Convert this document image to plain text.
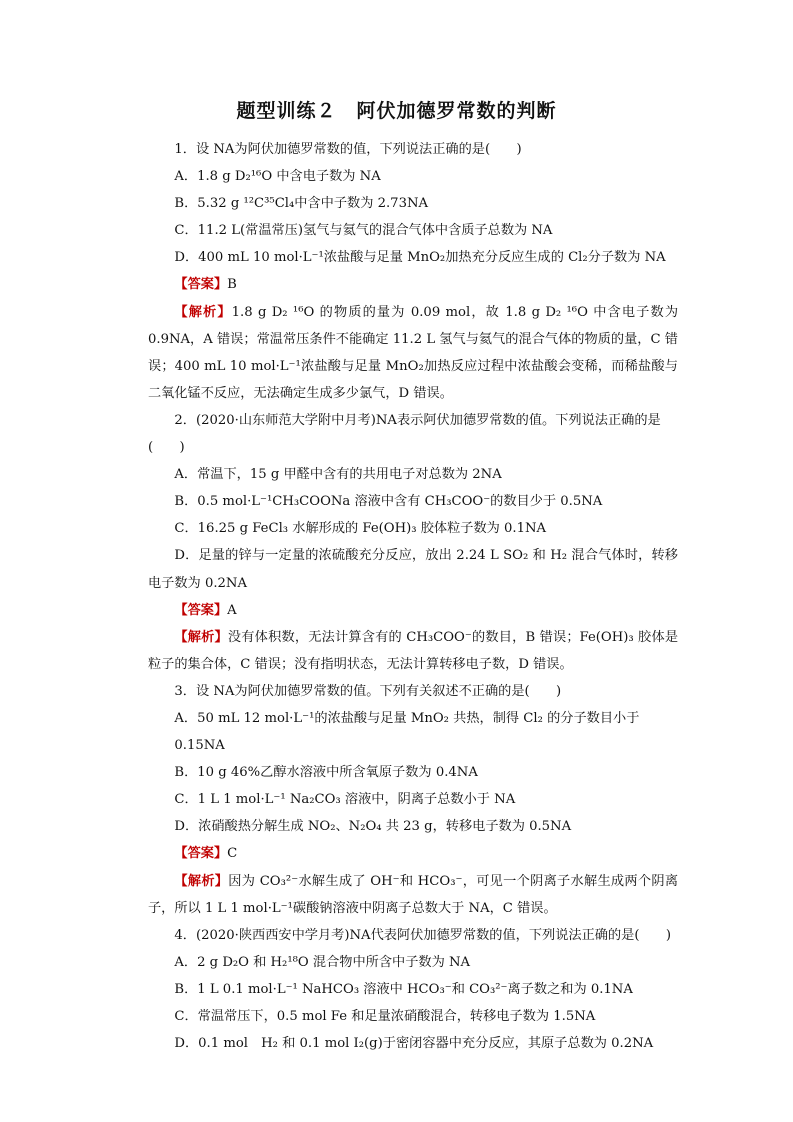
题型训练２　阿伏加德罗常数的判断

1．设 NA为阿伏加德罗常数的值，下列说法正确的是(　　)

A．1.8 g D₂¹⁶O 中含电子数为 NA

B．5.32 g ¹²C³⁵Cl₄中含中子数为 2.73NA

C．11.2 L(常温常压)氢气与氦气的混合气体中含质子总数为 NA

D．400 mL 10 mol·L⁻¹浓盐酸与足量 MnO₂加热充分反应生成的 Cl₂分子数为 NA

【答案】B

【解析】1.8 g D₂ ¹⁶O 的物质的量为 0.09 mol，故 1.8 g D₂ ¹⁶O 中含电子数为 0.9NA，A 错误；常温常压条件不能确定 11.2 L 氢气与氦气的混合气体的物质的量，C 错误；400 mL 10 mol·L⁻¹浓盐酸与足量 MnO₂加热反应过程中浓盐酸会变稀，而稀盐酸与二氧化锰不反应，无法确定生成多少氯气，D 错误。

2．(2020·山东师范大学附中月考)NA表示阿伏加德罗常数的值。下列说法正确的是(　　)

A．常温下，15 g 甲醛中含有的共用电子对总数为 2NA

B．0.5 mol·L⁻¹CH₃COONa 溶液中含有 CH₃COO⁻的数目少于 0.5NA

C．16.25 g FeCl₃ 水解形成的 Fe(OH)₃ 胶体粒子数为 0.1NA

D．足量的锌与一定量的浓硫酸充分反应，放出 2.24 L SO₂ 和 H₂ 混合气体时，转移电子数为 0.2NA

【答案】A

【解析】没有体积数，无法计算含有的 CH₃COO⁻的数目，B 错误；Fe(OH)₃ 胶体是粒子的集合体，C 错误；没有指明状态，无法计算转移电子数，D 错误。

3．设 NA为阿伏加德罗常数的值。下列有关叙述不正确的是(　　)

A．50 mL 12 mol·L⁻¹的浓盐酸与足量 MnO₂ 共热，制得 Cl₂ 的分子数目小于 0.15NA

B．10 g 46%乙醇水溶液中所含氧原子数为 0.4NA

C．1 L 1 mol·L⁻¹ Na₂CO₃ 溶液中，阴离子总数小于 NA

D．浓硝酸热分解生成 NO₂、N₂O₄ 共 23 g，转移电子数为 0.5NA

【答案】C

【解析】因为 CO₃²⁻水解生成了 OH⁻和 HCO₃⁻，可见一个阴离子水解生成两个阴离子，所以 1 L 1 mol·L⁻¹碳酸钠溶液中阴离子总数大于 NA，C 错误。

4．(2020·陕西西安中学月考)NA代表阿伏加德罗常数的值，下列说法正确的是(　　)

A．2 g D₂O 和 H₂¹⁸O 混合物中所含中子数为 NA

B．1 L 0.1 mol·L⁻¹ NaHCO₃ 溶液中 HCO₃⁻和 CO₃²⁻离子数之和为 0.1NA

C．常温常压下，0.5 mol Fe 和足量浓硝酸混合，转移电子数为 1.5NA

D．0.1 mol　H₂ 和 0.1 mol I₂(g)于密闭容器中充分反应，其原子总数为 0.2NA
